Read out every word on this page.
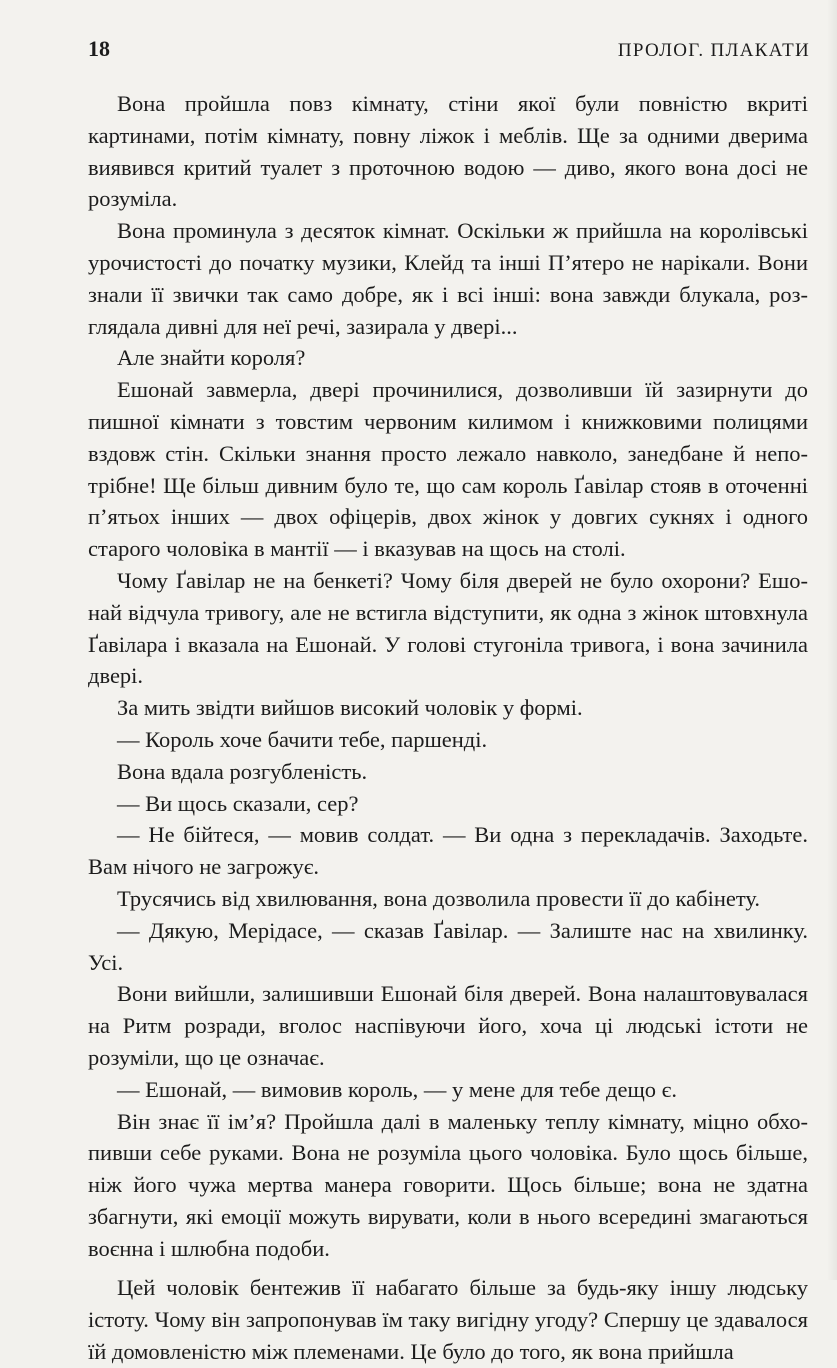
18	ПРОЛОГ. ПЛАКАТИ

Вона пройшла повз кімнату, стіни якої були повністю вкриті картинами, потім кімнату, повну ліжок і меблів. Ще за одними дверима виявився критий туалет з проточною водою — диво, якого вона досі не розуміла.

Вона проминула з десяток кімнат. Оскільки ж прийшла на королівські урочистості до початку музики, Клейд та інші П’ятеро не нарікали. Вони знали її звички так само добре, як і всі інші: вона завжди блукала, розглядала дивні для неї речі, зазирала у двері...

Але знайти короля?

Ешонай завмерла, двері прочинилися, дозволивши їй зазирнути до пишної кімнати з товстим червоним килимом і книжковими полицями вздовж стін. Скільки знання просто лежало навколо, занедбане й непотрібне! Ще більш дивним було те, що сам король Ґавілар стояв в оточенні п’ятьох інших — двох офіцерів, двох жінок у довгих сукнях і одного старого чоловіка в мантії — і вказував на щось на столі.

Чому Ґавілар не на бенкеті? Чому біля дверей не було охорони? Ешонай відчула тривогу, але не встигла відступити, як одна з жінок штовхнула Ґавілара і вказала на Ешонай. У голові стугоніла тривога, і вона зачинила двері.

За мить звідти вийшов високий чоловік у формі.

— Король хоче бачити тебе, паршенді.

Вона вдала розгубленість.

— Ви щось сказали, сер?

— Не бійтеся, — мовив солдат. — Ви одна з перекладачів. Заходьте. Вам нічого не загрожує.

Трусячись від хвилювання, вона дозволила провести її до кабінету.

— Дякую, Мерідасе, — сказав Ґавілар. — Залиште нас на хвилинку. Усі.

Вони вийшли, залишивши Ешонай біля дверей. Вона налаштовувалася на Ритм розради, вголос наспівуючи його, хоча ці людські істоти не розуміли, що це означає.

— Ешонай, — вимовив король, — у мене для тебе дещо є.

Він знає її ім’я? Пройшла далі в маленьку теплу кімнату, міцно обхопивши себе руками. Вона не розуміла цього чоловіка. Було щось більше, ніж його чужа мертва манера говорити. Щось більше; вона не здатна збагнути, які емоції можуть вирувати, коли в нього всередині змагаються воєнна і шлюбна подоби.

Цей чоловік бентежив її набагато більше за будь-яку іншу людську істоту. Чому він запропонував їм таку вигідну угоду? Спершу це здавалося їй домовленістю між племенами. Це було до того, як вона прийшла
